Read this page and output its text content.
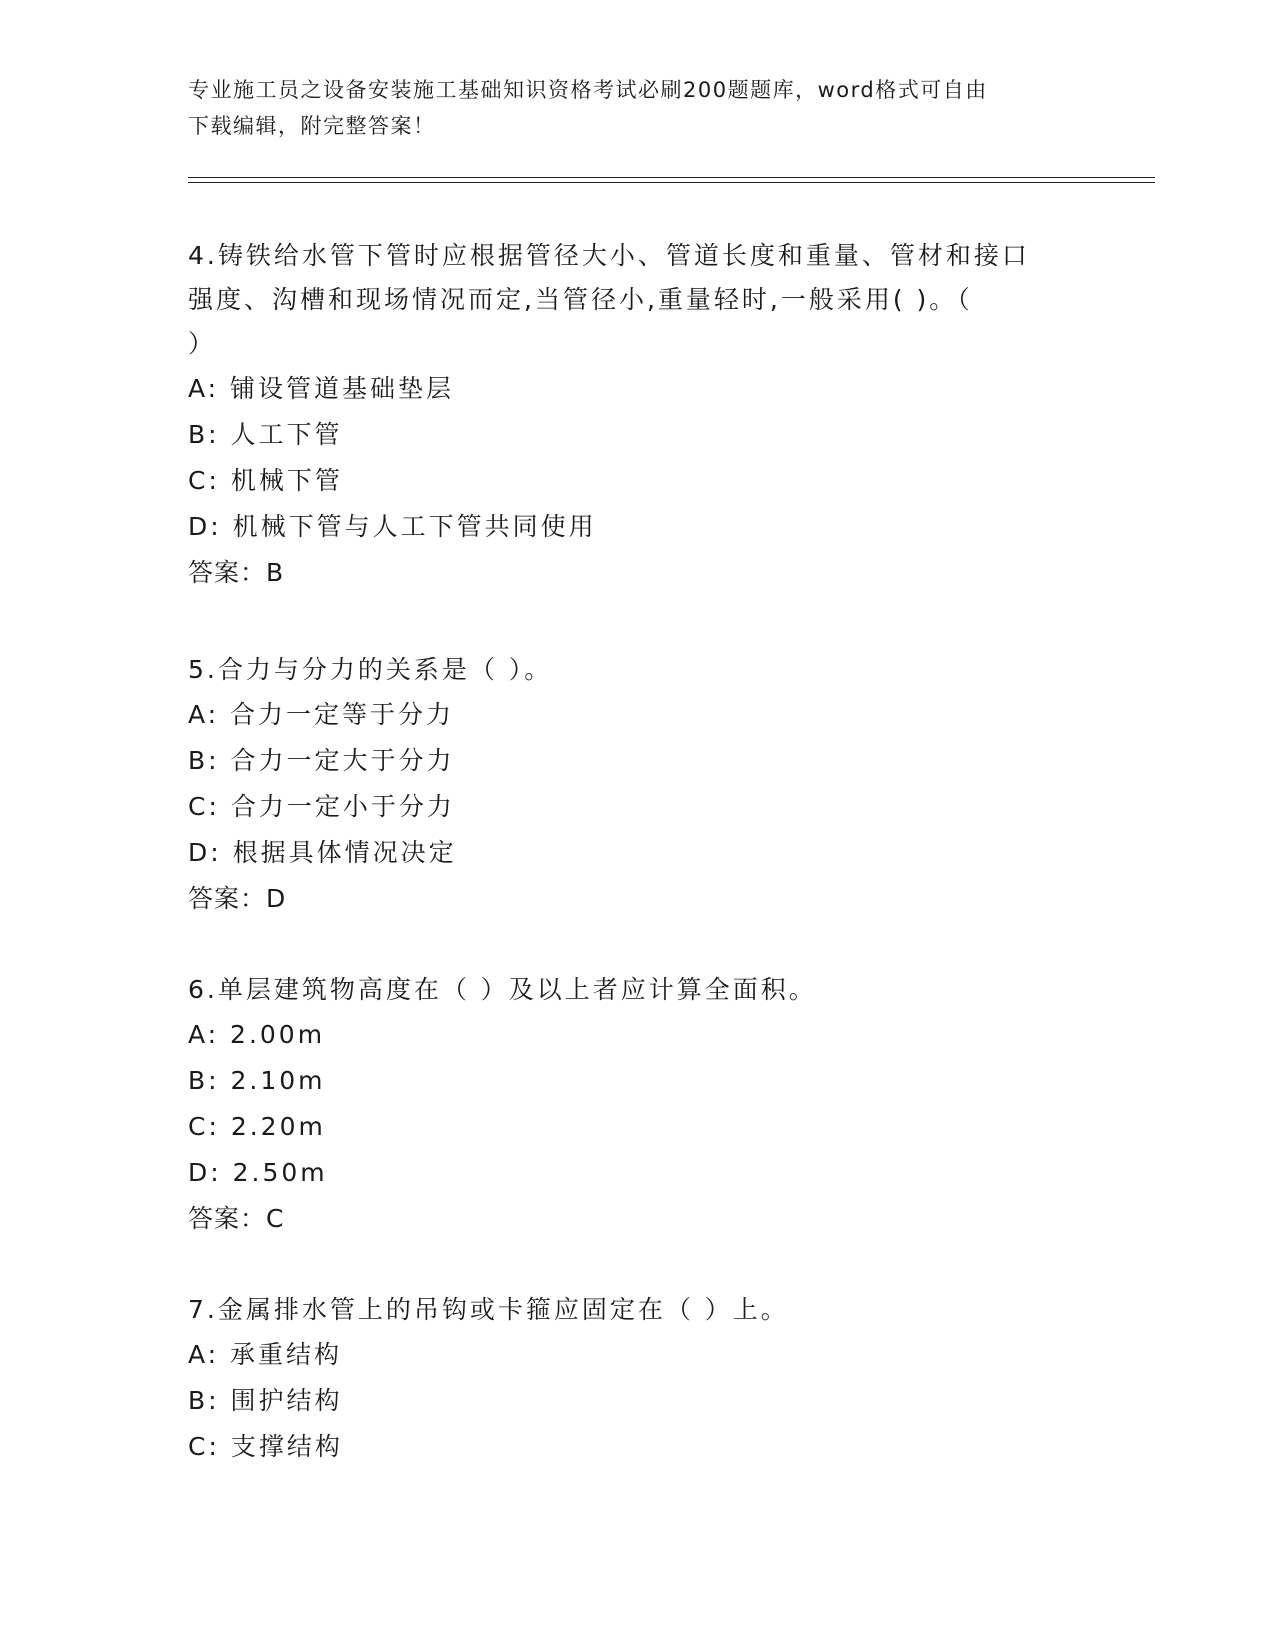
专业施工员之设备安装施工基础知识资格考试必刷200题题库，word格式可自由
下载编辑，附完整答案！
4.铸铁给水管下管时应根据管径大小、管道长度和重量、管材和接口
强度、沟槽和现场情况而定,当管径小,重量轻时,一般采用( )。（
）
A: 铺设管道基础垫层
B: 人工下管
C: 机械下管
D: 机械下管与人工下管共同使用
答案：B
5.合力与分力的关系是（ ）。
A: 合力一定等于分力
B: 合力一定大于分力
C: 合力一定小于分力
D: 根据具体情况决定
答案：D
6.单层建筑物高度在（ ）及以上者应计算全面积。
A: 2.00m
B: 2.10m
C: 2.20m
D: 2.50m
答案：C
7.金属排水管上的吊钩或卡箍应固定在（ ）上。
A: 承重结构
B: 围护结构
C: 支撑结构
